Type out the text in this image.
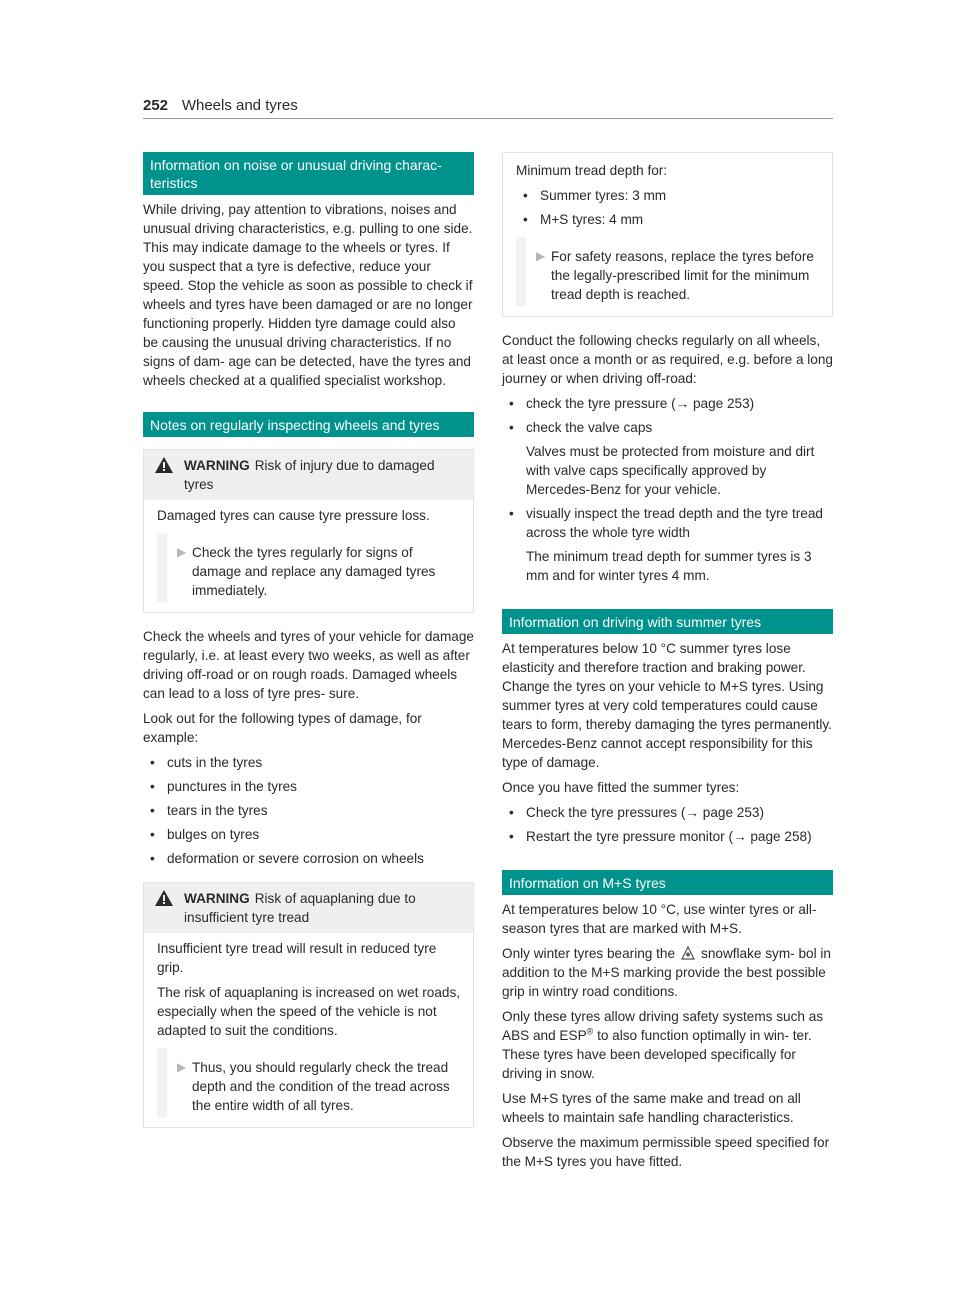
252 Wheels and tyres
Information on noise or unusual driving charac- teristics

While driving, pay attention to vibrations, noises and unusual driving characteristics, e.g. pulling to one side. This may indicate damage to the wheels or tyres. If you suspect that a tyre is defective, reduce your speed. Stop the vehicle as soon as possible to check if wheels and tyres have been damaged or are no longer functioning properly. Hidden tyre damage could also be causing the unusual driving characteristics. If no signs of dam- age can be detected, have the tyres and wheels checked at a qualified specialist workshop.

Notes on regularly inspecting wheels and tyres
WARNING Risk of injury due to damaged tyres

Damaged tyres can cause tyre pressure loss.

▶ Check the tyres regularly for signs of damage and replace any damaged tyres immediately.

Check the wheels and tyres of your vehicle for damage regularly, i.e. at least every two weeks, as well as after driving off-road or on rough roads. Damaged wheels can lead to a loss of tyre pres- sure.

Look out for the following types of damage, for example:

• cuts in the tyres
• punctures in the tyres
• tears in the tyres
• bulges on tyres
• deformation or severe corrosion on wheels
WARNING Risk of aquaplaning due to insufficient tyre tread

Insufficient tyre tread will result in reduced tyre grip.

The risk of aquaplaning is increased on wet roads, especially when the speed of the vehicle is not adapted to suit the conditions.

▶ Thus, you should regularly check the tread depth and the condition of the tread across the entire width of all tyres.

Minimum tread depth for:

• Summer tyres: 3 mm
• M+S tyres: 4 mm
▶ For safety reasons, replace the tyres before the legally-prescribed limit for the minimum tread depth is reached.

Conduct the following checks regularly on all wheels, at least once a month or as required, e.g. before a long journey or when driving off-road:

• check the tyre pressure (→ page 253)
• check the valve caps
Valves must be protected from moisture and dirt with valve caps specifically approved by Mercedes-Benz for your vehicle.
• visually inspect the tread depth and the tyre tread across the whole tyre width
The minimum tread depth for summer tyres is 3 mm and for winter tyres 4 mm.
Information on driving with summer tyres

At temperatures below 10 °C summer tyres lose elasticity and therefore traction and braking power. Change the tyres on your vehicle to M+S tyres. Using summer tyres at very cold temperatures could cause tears to form, thereby damaging the tyres permanently. Mercedes-Benz cannot accept responsibility for this type of damage.

Once you have fitted the summer tyres:

• Check the tyre pressures (→ page 253)
• Restart the tyre pressure monitor (→ page 258)
Information on M+S tyres

At temperatures below 10 °C, use winter tyres or all-season tyres that are marked with M+S.

Only winter tyres bearing the snowflake sym- bol in addition to the M+S marking provide the best possible grip in wintry road conditions.

Only these tyres allow driving safety systems such as ABS and ESP® to also function optimally in win- ter. These tyres have been developed specifically for driving in snow.

Use M+S tyres of the same make and tread on all wheels to maintain safe handling characteristics.

Observe the maximum permissible speed specified for the M+S tyres you have fitted.
